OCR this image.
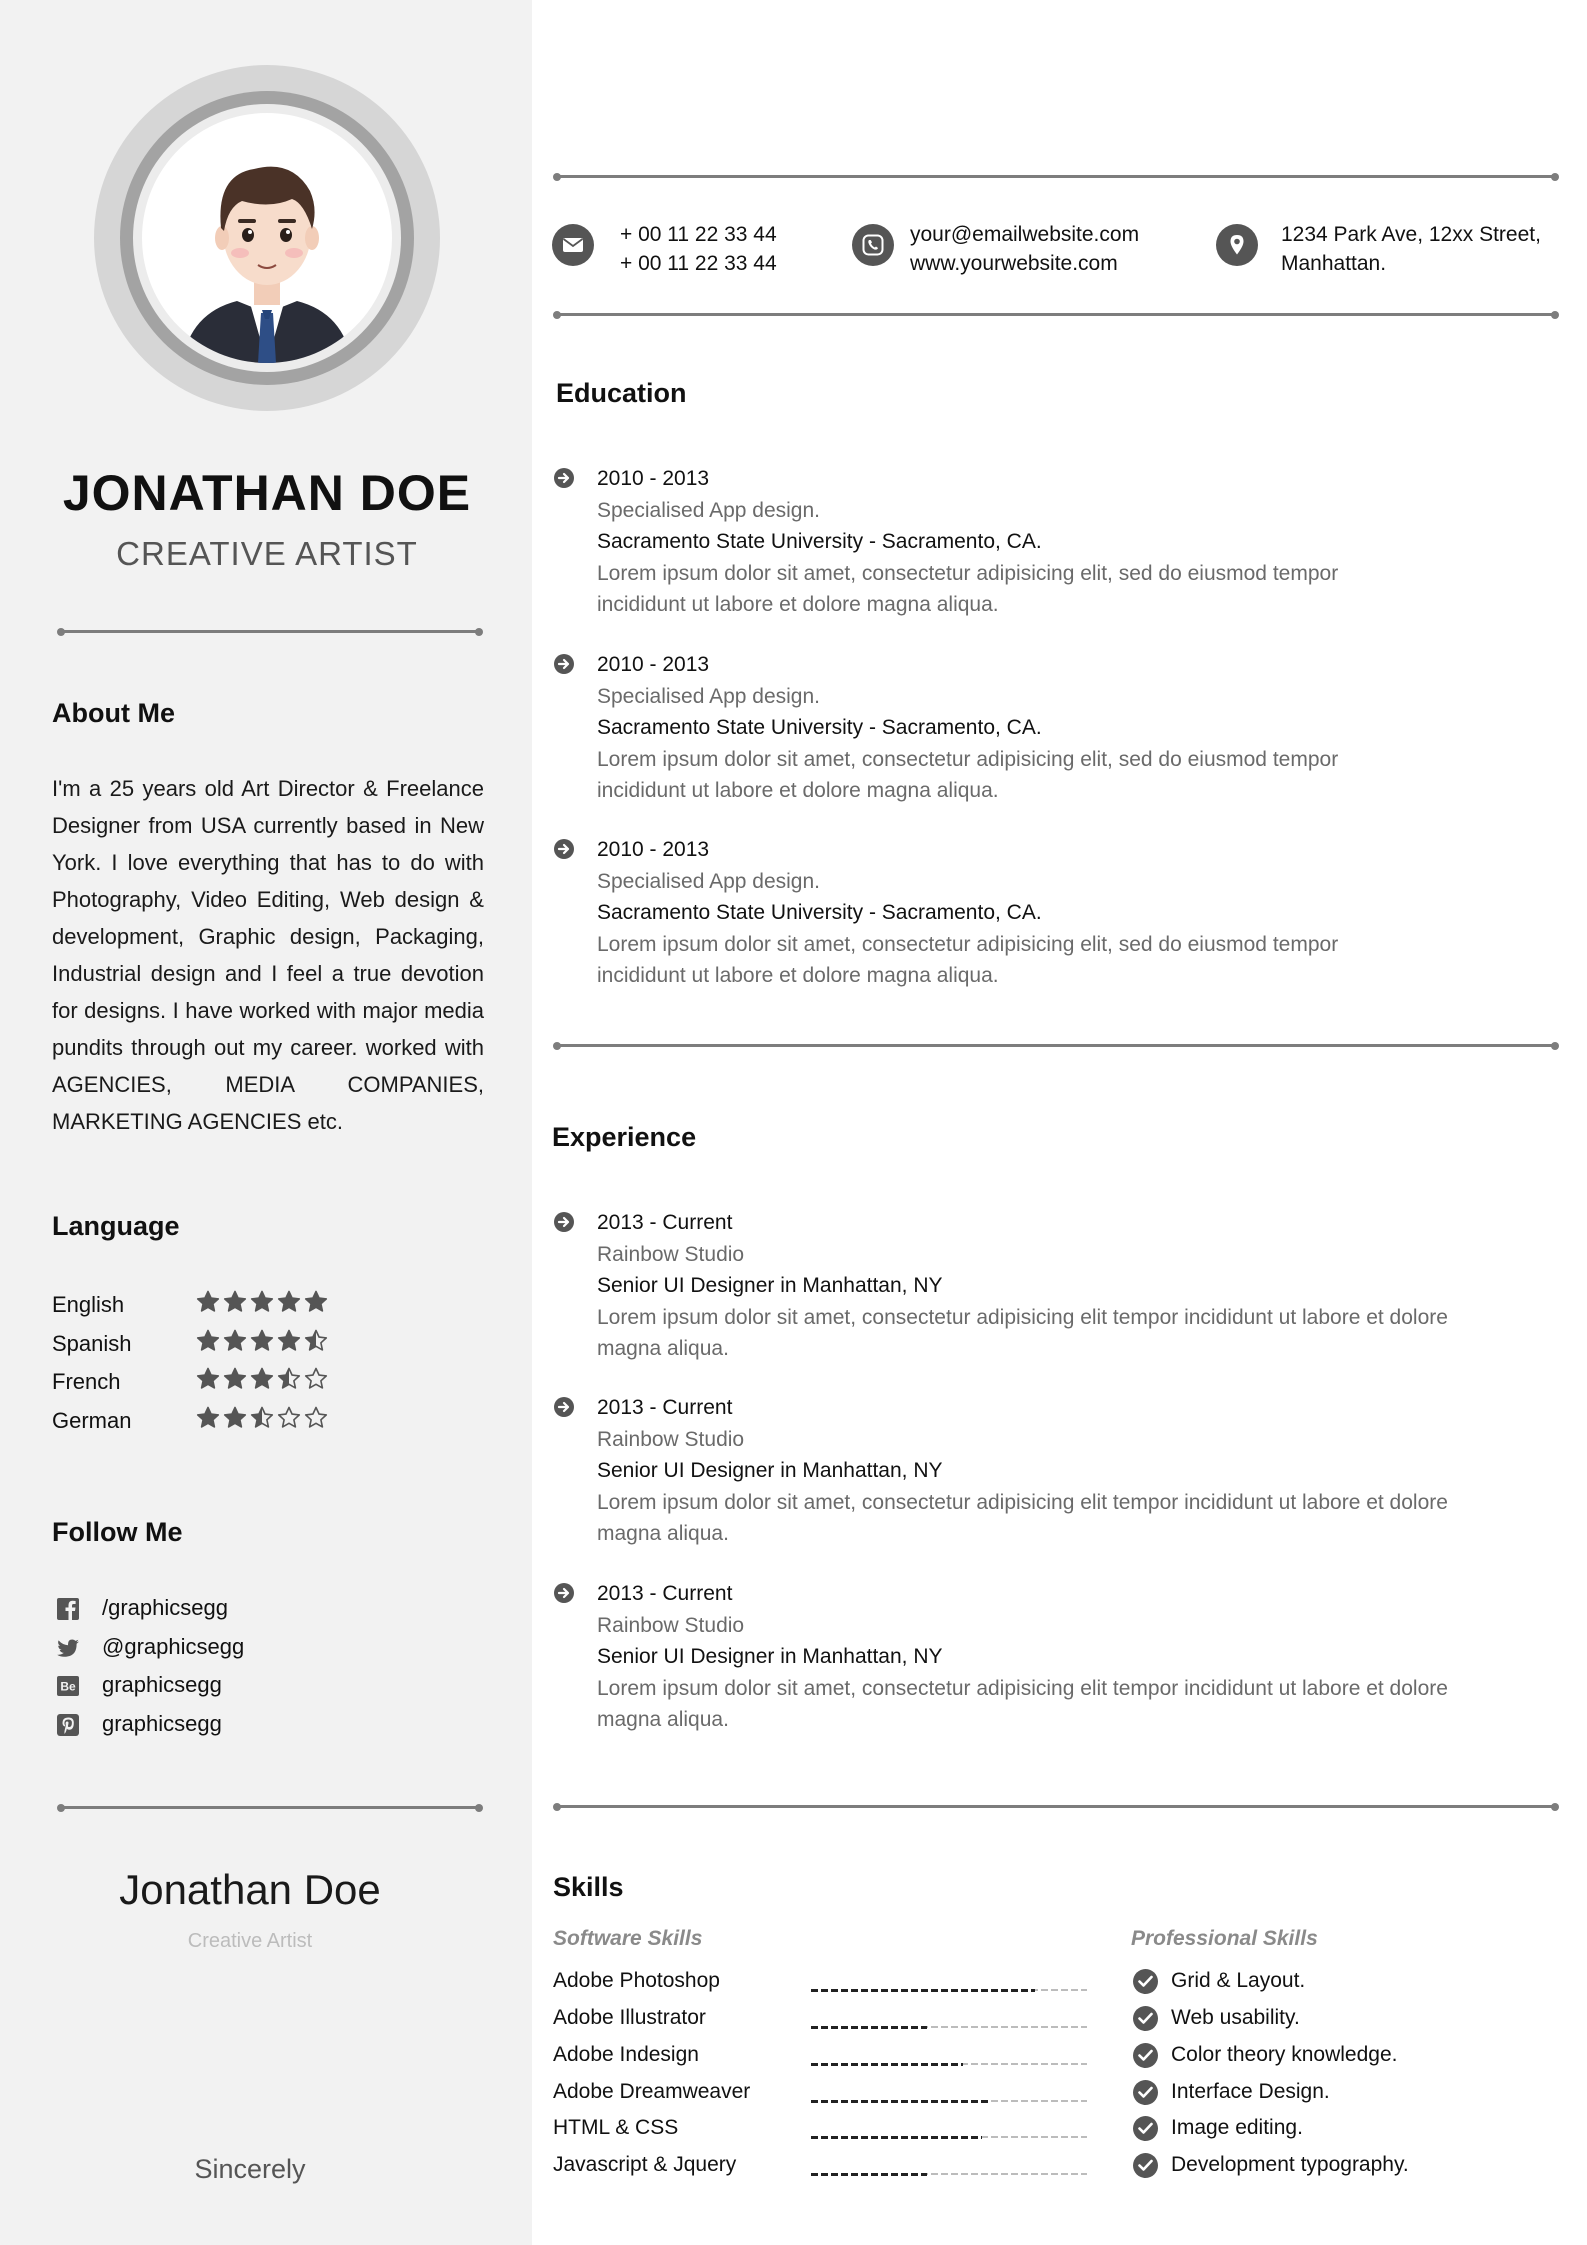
JONATHAN DOE
CREATIVE ARTIST
About Me
I'm a 25 years old Art Director & Freelance Designer from USA currently based in New York. I love everything that has to do with Photography, Video Editing, Web design & development, Graphic design, Packaging, Industrial design and I feel a true devotion for designs. I have worked with major media pundits through out my career. worked with AGENCIES, MEDIA COMPANIES, MARKETING AGENCIES etc.
Language
English
Spanish
French
German
Follow Me
/graphicsegg
@graphicsegg
Be graphicsegg
graphicsegg
Jonathan Doe
Creative Artist
Sincerely
+ 00 11 22 33 44
+ 00 11 22 33 44
your@emailwebsite.com
www.yourwebsite.com
1234 Park Ave, 12xx Street,
Manhattan.
Education
2010 - 2013
Specialised App design.
Sacramento State University - Sacramento, CA.
Lorem ipsum dolor sit amet, consectetur adipisicing elit, sed do eiusmod tempor
incididunt ut labore et dolore magna aliqua.
2010 - 2013
Specialised App design.
Sacramento State University - Sacramento, CA.
Lorem ipsum dolor sit amet, consectetur adipisicing elit, sed do eiusmod tempor
incididunt ut labore et dolore magna aliqua.
2010 - 2013
Specialised App design.
Sacramento State University - Sacramento, CA.
Lorem ipsum dolor sit amet, consectetur adipisicing elit, sed do eiusmod tempor
incididunt ut labore et dolore magna aliqua.
Experience
2013 - Current
Rainbow Studio
Senior UI Designer in Manhattan, NY
Lorem ipsum dolor sit amet, consectetur adipisicing elit tempor incididunt ut labore et dolore
magna aliqua.
2013 - Current
Rainbow Studio
Senior UI Designer in Manhattan, NY
Lorem ipsum dolor sit amet, consectetur adipisicing elit tempor incididunt ut labore et dolore
magna aliqua.
2013 - Current
Rainbow Studio
Senior UI Designer in Manhattan, NY
Lorem ipsum dolor sit amet, consectetur adipisicing elit tempor incididunt ut labore et dolore
magna aliqua.
Skills
Software Skills	Professional Skills
Adobe Photoshop
Adobe Illustrator
Adobe Indesign
Adobe Dreamweaver
HTML & CSS
Javascript & Jquery
Grid & Layout.
Web usability.
Color theory knowledge.
Interface Design.
Image editing.
Development typography.
